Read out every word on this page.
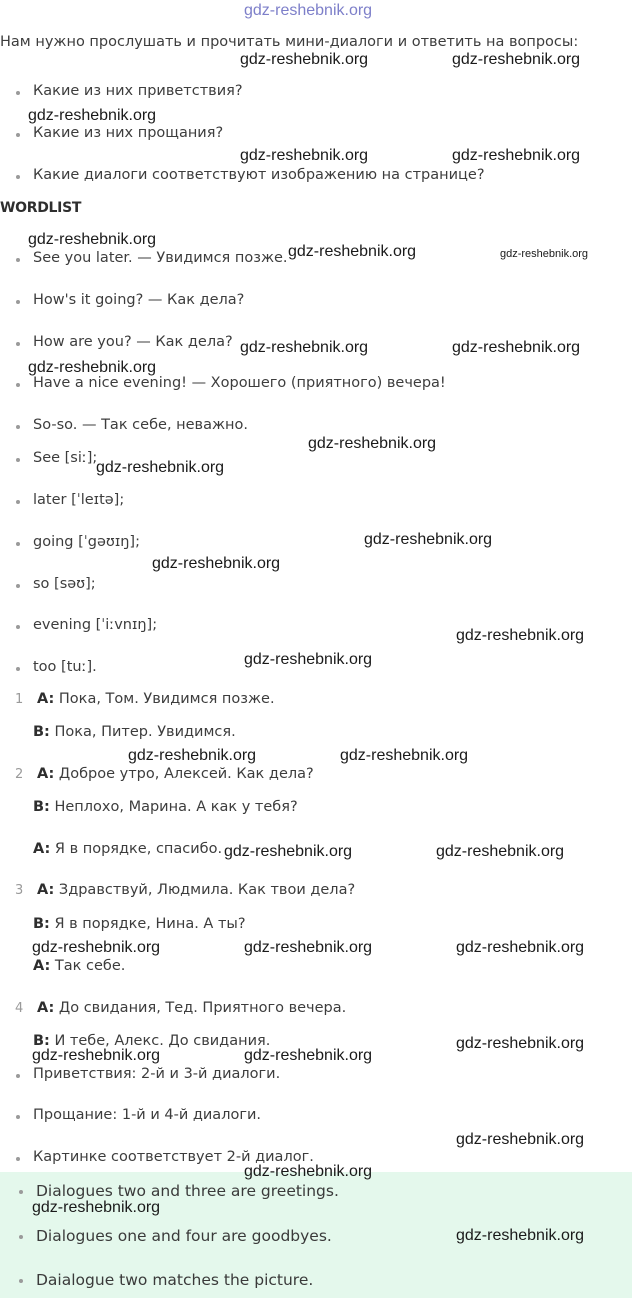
gdz-reshebnik.org
Нам нужно прослушать и прочитать мини-диалоги и ответить на вопросы:
Какие из них приветствия?
Какие из них прощания?
Какие диалоги соответствуют изображению на странице?
WORDLIST
See you later. — Увидимся позже.
How's it going? — Как дела?
How are you? — Как дела?
Have a nice evening! — Хорошего (приятного) вечера!
So-so. — Так себе, неважно.
See [siː];
later [ˈleɪtə];
going [ˈgəʊɪŋ];
so [səʊ];
evening [ˈiːvnɪŋ];
too [tuː].
1 A: Пока, Том. Увидимся позже.
B: Пока, Питер. Увидимся.
2 A: Доброе утро, Алексей. Как дела?
B: Неплохо, Марина. А как у тебя?
A: Я в порядке, спасибо.
3 A: Здравствуй, Людмила. Как твои дела?
B: Я в порядке, Нина. А ты?
A: Так себе.
4 A: До свидания, Тед. Приятного вечера.
B: И тебе, Алекс. До свидания.
Приветствия: 2-й и 3-й диалоги.
Прощание: 1-й и 4-й диалоги.
Картинке соответствует 2-й диалог.
Dialogues two and three are greetings.
Dialogues one and four are goodbyes.
Daialogue two matches the picture.
gdz-reshebnik.org	gdz-reshebnik.org
gdz-reshebnik.org
gdz-reshebnik.org	gdz-reshebnik.org
gdz-reshebnik.org
gdz-reshebnik.org	gdz-reshebnik.org
gdz-reshebnik.org	gdz-reshebnik.org
gdz-reshebnik.org
gdz-reshebnik.org
gdz-reshebnik.org
gdz-reshebnik.org
gdz-reshebnik.org
gdz-reshebnik.org
gdz-reshebnik.org
gdz-reshebnik.org	gdz-reshebnik.org
gdz-reshebnik.org	gdz-reshebnik.org
gdz-reshebnik.org	gdz-reshebnik.org	gdz-reshebnik.org
gdz-reshebnik.org
gdz-reshebnik.org	gdz-reshebnik.org
gdz-reshebnik.org
gdz-reshebnik.org
gdz-reshebnik.org
gdz-reshebnik.org
